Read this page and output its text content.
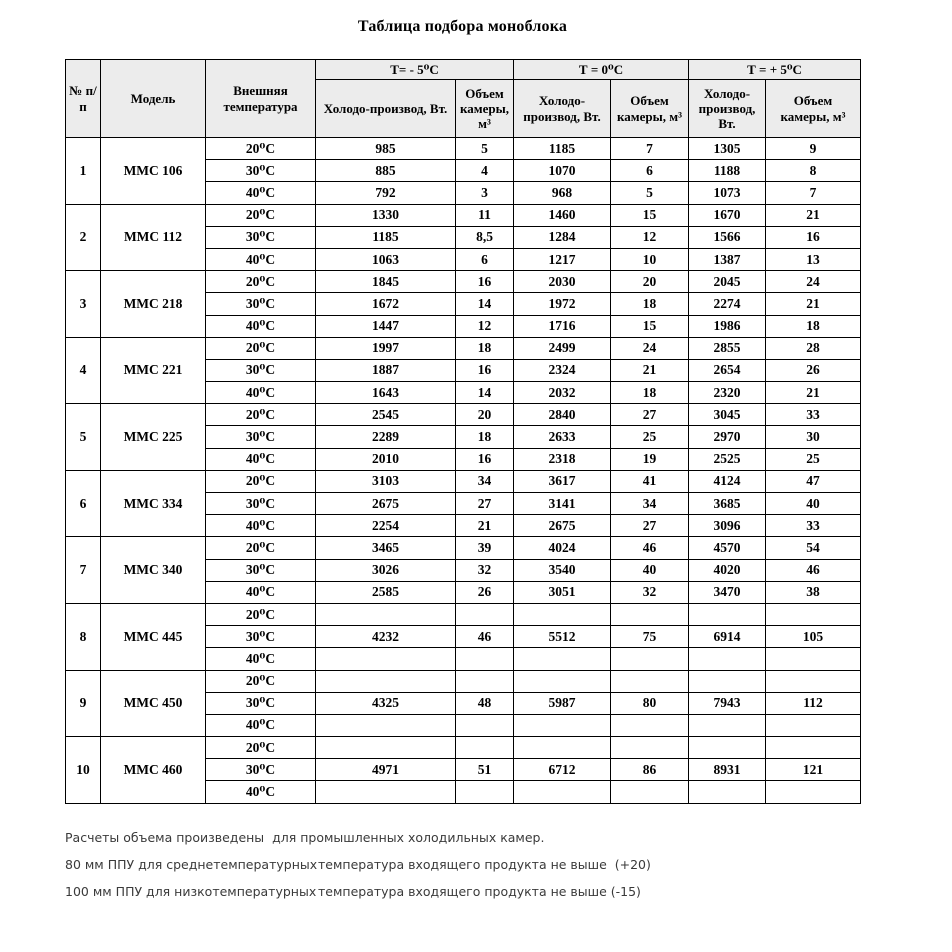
Таблица подбора моноблока
№ п/п	Модель	Внешняя температура	Т= - 5⁰С		Т = 0⁰С		Т = + 5⁰С	
			Холодо-производ, Вт.	Объем камеры, м³	Холодо-производ, Вт.	Объем камеры, м³	Холодо-производ, Вт.	Объем камеры, м³
1	ММС 106	20⁰С	985	5	1185	7	1305	9
		30⁰С	885	4	1070	6	1188	8
		40⁰С	792	3	968	5	1073	7
2	ММС 112	20⁰С	1330	11	1460	15	1670	21
		30⁰С	1185	8,5	1284	12	1566	16
		40⁰С	1063	6	1217	10	1387	13
3	ММС 218	20⁰С	1845	16	2030	20	2045	24
		30⁰С	1672	14	1972	18	2274	21
		40⁰С	1447	12	1716	15	1986	18
4	ММС 221	20⁰С	1997	18	2499	24	2855	28
		30⁰С	1887	16	2324	21	2654	26
		40⁰С	1643	14	2032	18	2320	21
5	ММС 225	20⁰С	2545	20	2840	27	3045	33
		30⁰С	2289	18	2633	25	2970	30
		40⁰С	2010	16	2318	19	2525	25
6	ММС 334	20⁰С	3103	34	3617	41	4124	47
		30⁰С	2675	27	3141	34	3685	40
		40⁰С	2254	21	2675	27	3096	33
7	ММС 340	20⁰С	3465	39	4024	46	4570	54
		30⁰С	3026	32	3540	40	4020	46
		40⁰С	2585	26	3051	32	3470	38
8	ММС 445	20⁰С						
		30⁰С	4232	46	5512	75	6914	105
		40⁰С						
9	ММС 450	20⁰С						
		30⁰С	4325	48	5987	80	7943	112
		40⁰С						
10	ММС 460	20⁰С						
		30⁰С	4971	51	6712	86	8931	121
		40⁰С						

Расчеты объема произведены  для промышленных холодильных камер.

80 мм ППУ для среднетемпературныхтемпература входящего продукта не выше  (+20)

100 мм ППУ для низкотемпературных температура входящего продукта не выше (-15)
